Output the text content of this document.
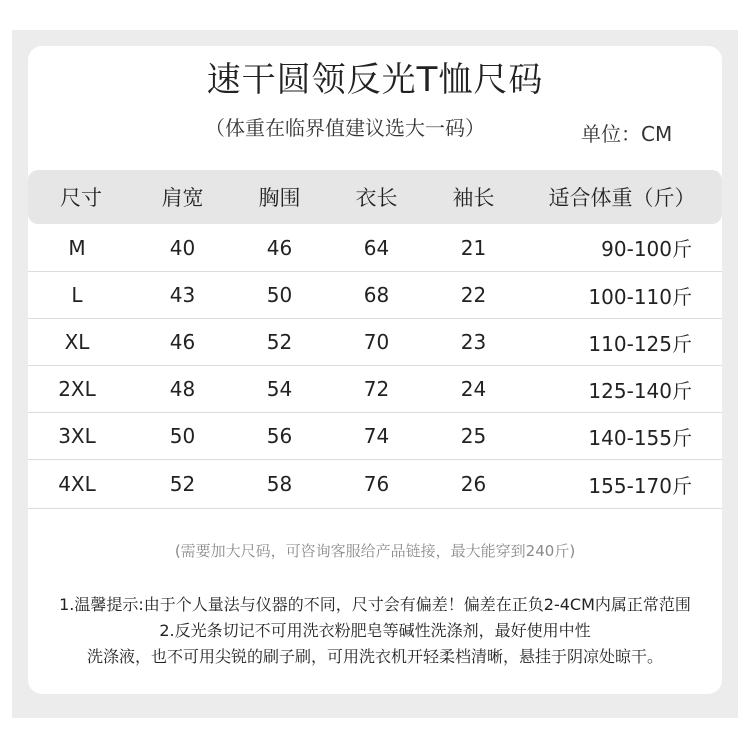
速干圆领反光T恤尺码
（体重在临界值建议选大一码）	单位：CM
尺寸	肩宽	胸围	衣长	袖长	适合体重（斤）
M	40	46	64	21	90-100斤
L	43	50	68	22	100-110斤
XL	46	52	70	23	110-125斤
2XL	48	54	72	24	125-140斤
3XL	50	56	74	25	140-155斤
4XL	52	58	76	26	155-170斤
(需要加大尺码，可咨询客服给产品链接，最大能穿到240斤)
1.温馨提示:由于个人量法与仪器的不同，尺寸会有偏差！偏差在正负2-4CM内属正常范围
2.反光条切记不可用洗衣粉肥皂等碱性洗涤剂，最好使用中性
洗涤液，也不可用尖锐的刷子刷，可用洗衣机开轻柔档清晰，悬挂于阴凉处晾干。
